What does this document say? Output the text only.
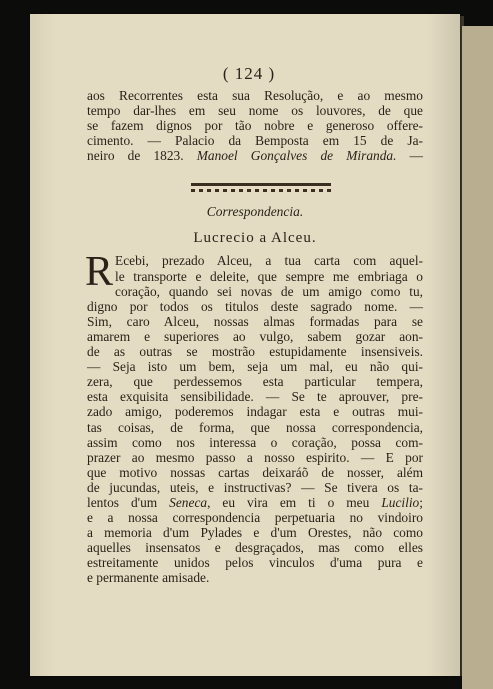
( 124 )

aos Recorrentes esta sua Resolução, e ao mesmo
tempo dar-lhes em seu nome os louvores, de que
se fazem dignos por tão nobre e generoso offere-
cimento. — Palacio da Bemposta em 15 de Ja-
neiro de 1823. Manoel Gonçalves de Miranda. —

Correspondencia.
Lucrecio a Alceu.

R Ecebi, prezado Alceu, a tua carta com aquel-
le transporte e deleite, que sempre me embriaga o
coração, quando sei novas de um amigo como tu,
digno por todos os titulos deste sagrado nome. —
Sim, caro Alceu, nossas almas formadas para se
amarem e superiores ao vulgo, sabem gozar aon-
de as outras se mostrão estupidamente insensiveis.
— Seja isto um bem, seja um mal, eu não qui-
zera, que perdessemos esta particular tempera,
esta exquisita sensibilidade. — Se te aprouver, pre-
zado amigo, poderemos indagar esta e outras mui-
tas coisas, de forma, que nossa correspondencia,
assim como nos interessa o coração, possa com-
prazer ao mesmo passo a nosso espirito. — E por
que motivo nossas cartas deixaráõ de nosser, além
de jucundas, uteis, e instructivas? — Se tivera os ta-
lentos d'um Seneca, eu vira em ti o meu Lucilio;
e a nossa correspondencia perpetuaria no vindoiro
a memoria d'um Pylades e d'um Orestes, não como
aquelles insensatos e desgraçados, mas como elles
estreitamente unidos pelos vinculos d'uma pura e
e permanente amisade.
